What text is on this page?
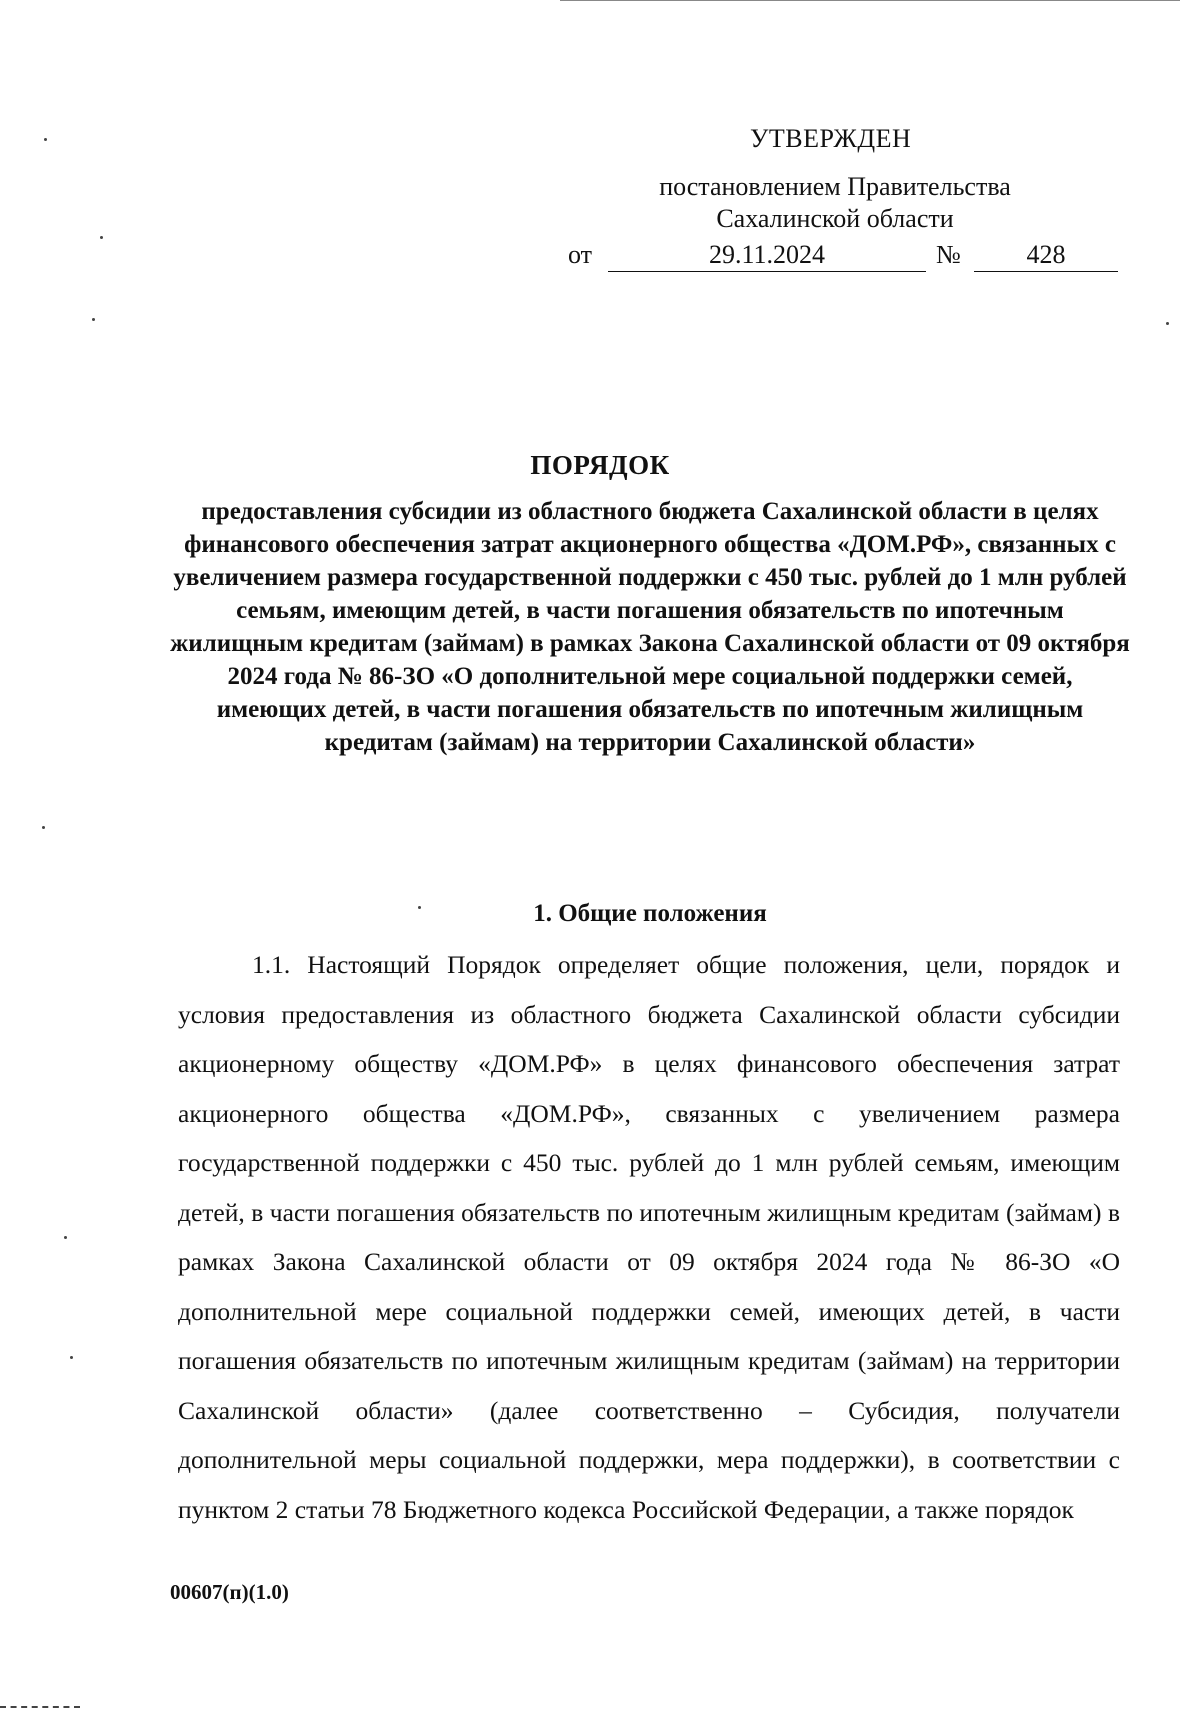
УТВЕРЖДЕН
постановлением Правительства
Сахалинской области
от	29.11.2024	№	428
ПОРЯДОК
предоставления субсидии из областного бюджета Сахалинской области в целях финансового обеспечения затрат акционерного общества «ДОМ.РФ», связанных с увеличением размера государственной поддержки с 450 тыс. рублей до 1 млн рублей семьям, имеющим детей, в части погашения обязательств по ипотечным жилищным кредитам (займам) в рамках Закона Сахалинской области от 09 октября 2024 года № 86-ЗО «О дополнительной мере социальной поддержки семей, имеющих детей, в части погашения обязательств по ипотечным жилищным кредитам (займам) на территории Сахалинской области»
1. Общие положения

1.1. Настоящий Порядок определяет общие положения, цели, порядок и условия предоставления из областного бюджета Сахалинской области субсидии акционерному обществу «ДОМ.РФ» в целях финансового обеспечения затрат акционерного общества «ДОМ.РФ», связанных с увеличением размера государственной поддержки с 450 тыс. рублей до 1 млн рублей семьям, имеющим детей, в части погашения обязательств по ипотечным жилищным кредитам (займам) в рамках Закона Сахалинской области от 09 октября 2024 года № 86-ЗО «О дополнительной мере социальной поддержки семей, имеющих детей, в части погашения обязательств по ипотечным жилищным кредитам (займам) на территории Сахалинской области» (далее соответственно – Субсидия, получатели дополнительной меры социальной поддержки, мера поддержки), в соответствии с пунктом 2 статьи 78 Бюджетного кодекса Российской Федерации, а также порядок

00607(п)(1.0)
